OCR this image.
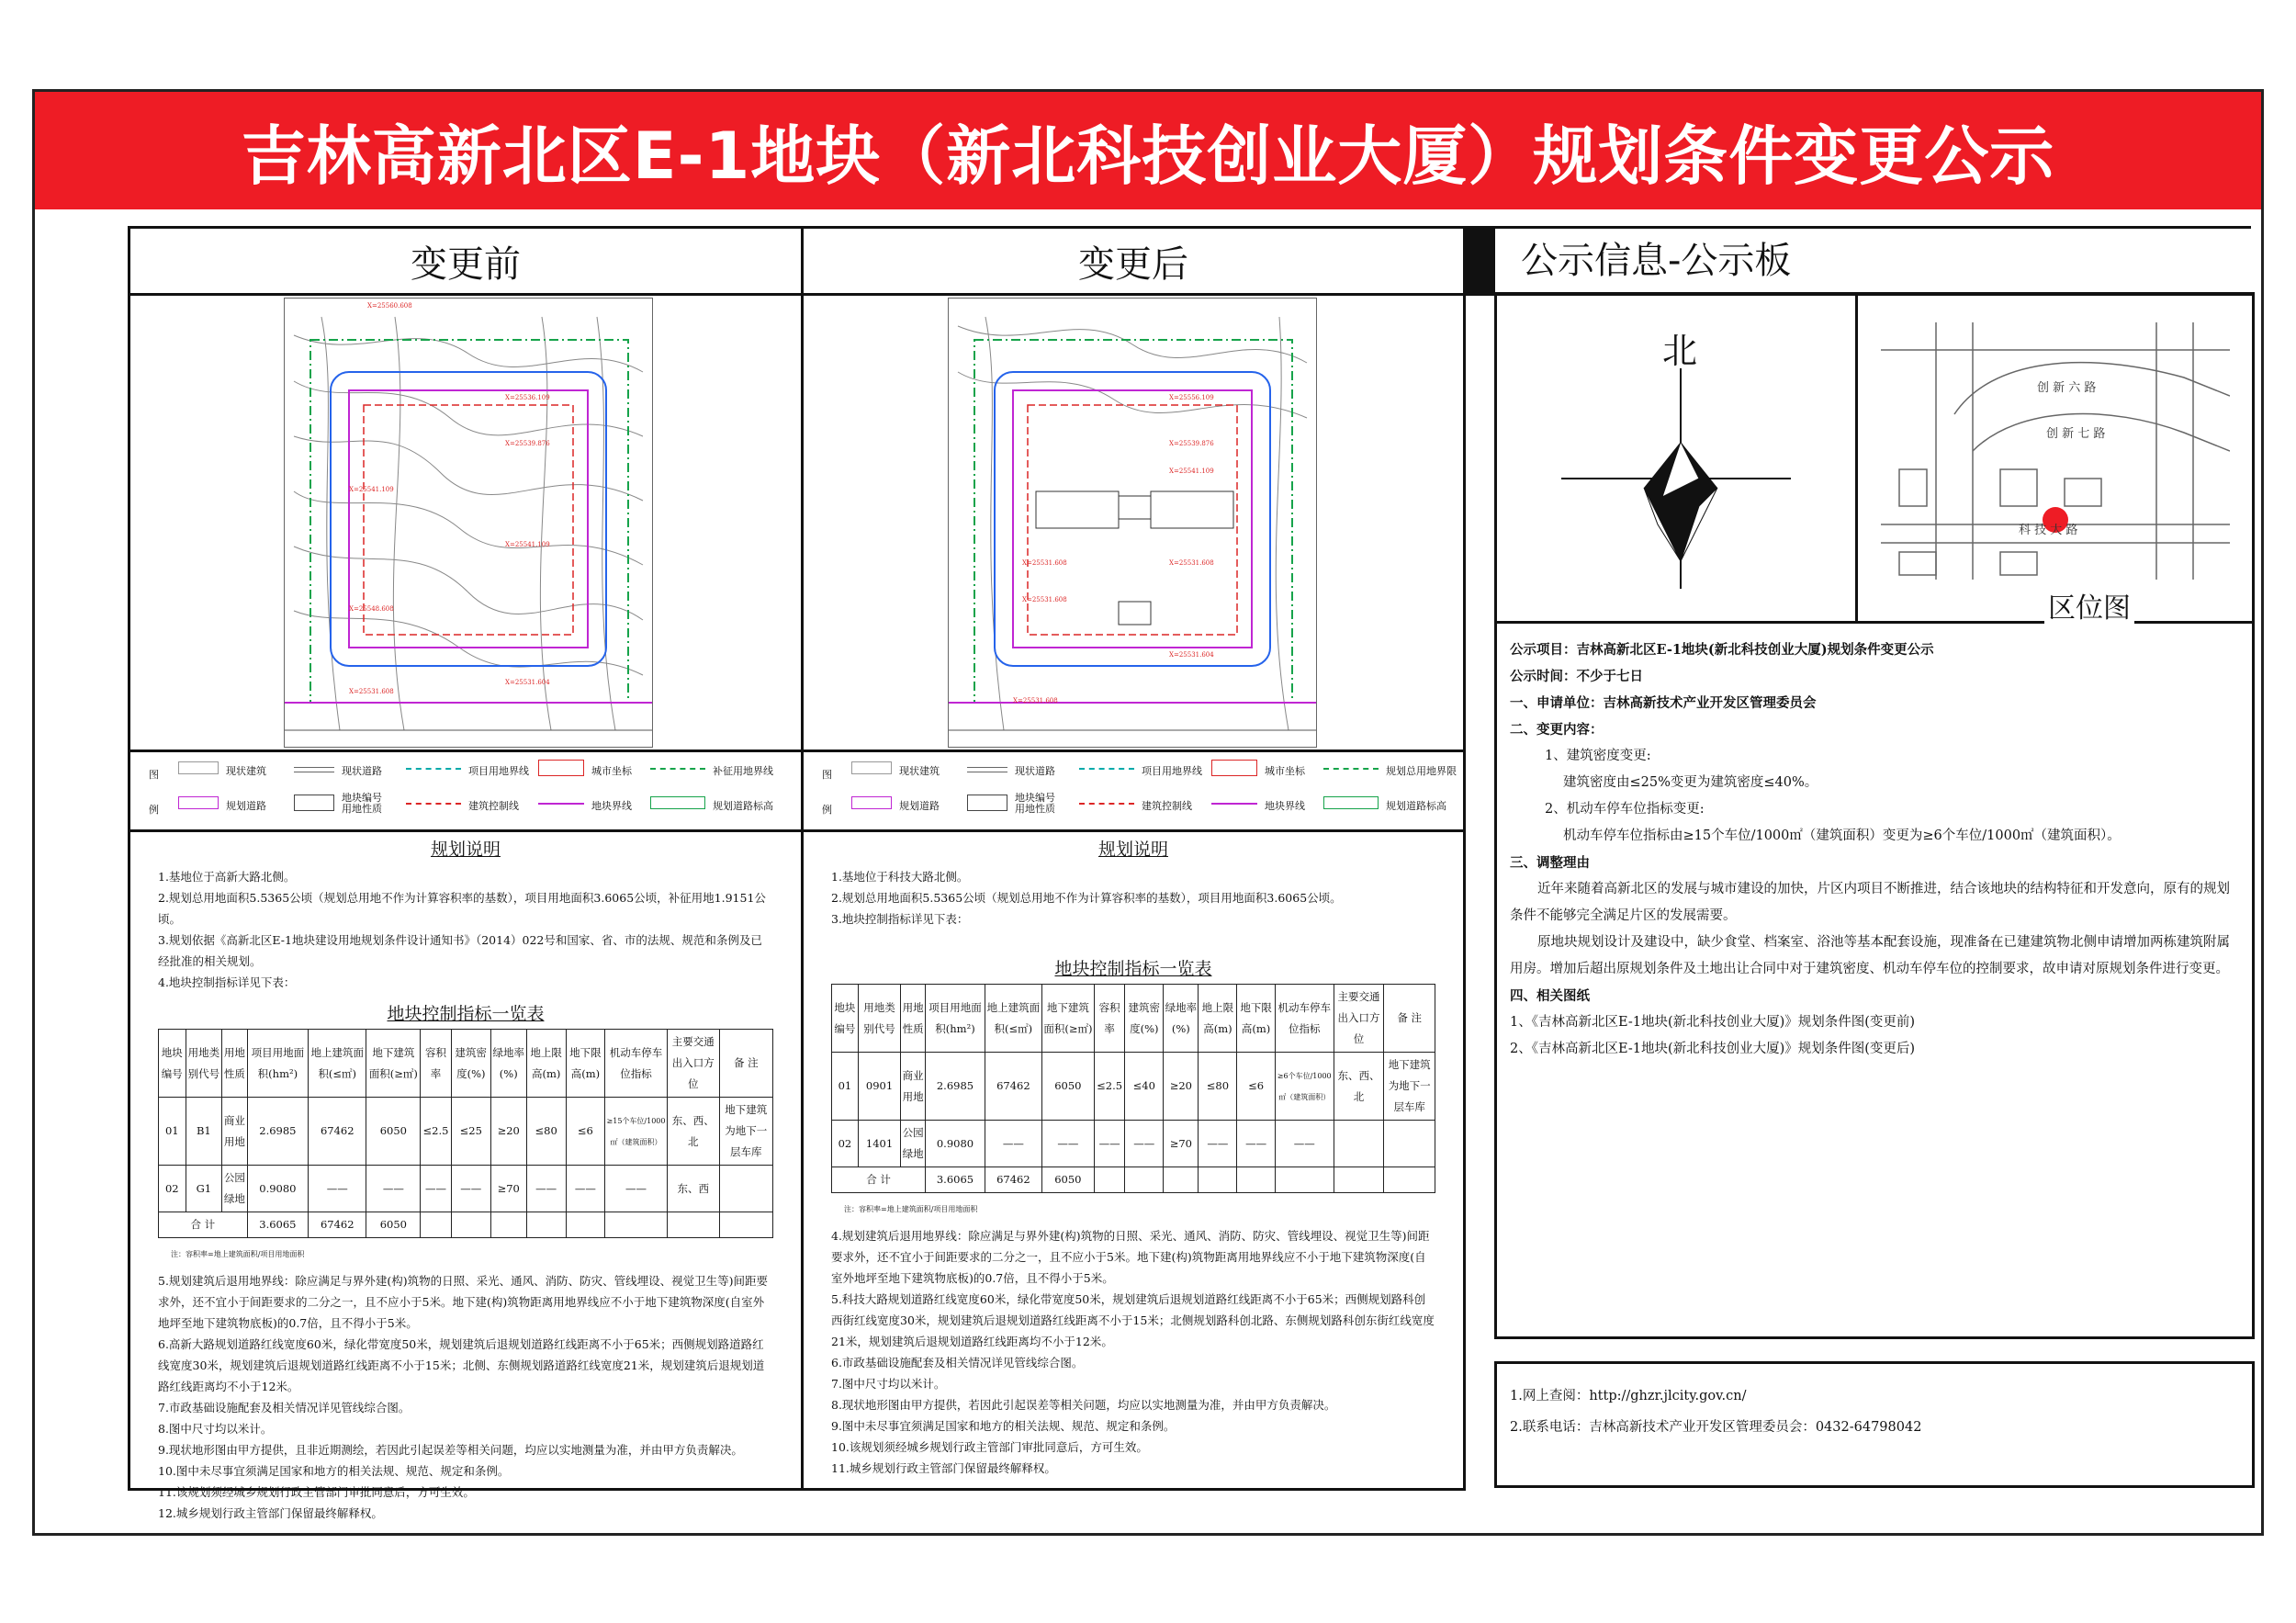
吉林高新北区E-1地块（新北科技创业大厦）规划条件变更公示
变更前
X=25560.608
X=25536.109
X=25539.876
X=25541.109
X=25541.109
X=25548.608
X=25531.604
X=25531.608
图
例
现状建筑	现状道路	项目用地界线	城市坐标	补征用地界线
规划道路
地块编号
用地性质	建筑控制线	地块界线	规划道路标高
规划说明

1.基地位于高新大路北侧。

2.规划总用地面积5.5365公顷（规划总用地不作为计算容积率的基数），项目用地面积3.6065公顷，补征用地1.9151公顷。

3.规划依据《高新北区E-1地块建设用地规划条件设计通知书》（2014）022号和国家、省、市的法规、规范和条例及已经批准的相关规划。

4.地块控制指标详见下表：

地块控制指标一览表
地块编号	用地类别代号	用地性质	项目用地面积(hm²)	地上建筑面积(≤㎡)	地下建筑面积(≥㎡)	容积率	建筑密度(%)	绿地率(%)	地上限高(m)	地下限高(m)	机动车停车位指标	主要交通出入口方位	备 注
01	B1	商业用地	2.6985	67462	6050	≤2.5	≤25	≥20	≤80	≤6	≥15个车位/1000㎡（建筑面积）	东、西、北	地下建筑为地下一层车库
02	G1	公园绿地	0.9080	——	——	——	——	≥70	——	——	——	东、西	
合 计			3.6065	67462	6050								
注：容积率=地上建筑面积/项目用地面积

5.规划建筑后退用地界线：除应满足与界外建(构)筑物的日照、采光、通风、消防、防灾、管线埋设、视觉卫生等)间距要求外，还不宜小于间距要求的二分之一，且不应小于5米。地下建(构)筑物距离用地界线应不小于地下建筑物深度(自室外地坪至地下建筑物底板)的0.7倍，且不得小于5米。

6.高新大路规划道路红线宽度60米，绿化带宽度50米，规划建筑后退规划道路红线距离不小于65米；西侧规划路道路红线宽度30米，规划建筑后退规划道路红线距离不小于15米；北侧、东侧规划路道路红线宽度21米，规划建筑后退规划道路红线距离均不小于12米。

7.市政基础设施配套及相关情况详见管线综合图。

8.图中尺寸均以米计。

9.现状地形图由甲方提供，且非近期测绘，若因此引起误差等相关问题，均应以实地测量为准，并由甲方负责解决。

10.图中未尽事宜须满足国家和地方的相关法规、规范、规定和条例。

11.该规划须经城乡规划行政主管部门审批同意后，方可生效。

12.城乡规划行政主管部门保留最终解释权。

变更后
X=25556.109
X=25539.876
X=25541.109
X=25531.608	X=25531.608
X=25531.608
X=25531.604
X=25531.608
图
例
现状建筑	现状道路	项目用地界线	城市坐标	规划总用地界限
规划道路
地块编号
用地性质	建筑控制线	地块界线	规划道路标高
规划说明

1.基地位于科技大路北侧。

2.规划总用地面积5.5365公顷（规划总用地不作为计算容积率的基数），项目用地面积3.6065公顷。

3.地块控制指标详见下表：

地块控制指标一览表
地块编号	用地类别代号	用地性质	项目用地面积(hm²)	地上建筑面积(≤㎡)	地下建筑面积(≥㎡)	容积率	建筑密度(%)	绿地率(%)	地上限高(m)	地下限高(m)	机动车停车位指标	主要交通出入口方位	备 注
01	0901	商业用地	2.6985	67462	6050	≤2.5	≤40	≥20	≤80	≤6	≥6个车位/1000㎡（建筑面积）	东、西、北	地下建筑为地下一层车库
02	1401	公园绿地	0.9080	——	——	——	——	≥70	——	——	——		
合 计			3.6065	67462	6050								
注：容积率=地上建筑面积/项目用地面积

4.规划建筑后退用地界线：除应满足与界外建(构)筑物的日照、采光、通风、消防、防灾、管线埋设、视觉卫生等)间距要求外，还不宜小于间距要求的二分之一，且不应小于5米。地下建(构)筑物距离用地界线应不小于地下建筑物深度(自室外地坪至地下建筑物底板)的0.7倍，且不得小于5米。

5.科技大路规划道路红线宽度60米，绿化带宽度50米，规划建筑后退规划道路红线距离不小于65米；西侧规划路科创西街红线宽度30米，规划建筑后退规划道路红线距离不小于15米；北侧规划路科创北路、东侧规划路科创东街红线宽度21米，规划建筑后退规划道路红线距离均不小于12米。

6.市政基础设施配套及相关情况详见管线综合图。

7.图中尺寸均以米计。

8.现状地形图由甲方提供，若因此引起误差等相关问题，均应以实地测量为准，并由甲方负责解决。

9.图中未尽事宜须满足国家和地方的相关法规、规范、规定和条例。

10.该规划须经城乡规划行政主管部门审批同意后，方可生效。

11.城乡规划行政主管部门保留最终解释权。

公示信息-公示板
北
创 新 六 路
创 新 七 路
科 技 大 路
区位图

公示项目：吉林高新北区E-1地块(新北科技创业大厦)规划条件变更公示

公示时间：不少于七日

一、申请单位：吉林高新技术产业开发区管理委员会

二、变更内容：

1、建筑密度变更:

建筑密度由≤25%变更为建筑密度≤40%。

2、机动车停车位指标变更:

机动车停车位指标由≥15个车位/1000㎡（建筑面积）变更为≥6个车位/1000㎡（建筑面积）。

三、调整理由

近年来随着高新北区的发展与城市建设的加快，片区内项目不断推进，结合该地块的结构特征和开发意向，原有的规划条件不能够完全满足片区的发展需要。

原地块规划设计及建设中，缺少食堂、档案室、浴池等基本配套设施，现准备在已建建筑物北侧申请增加两栋建筑附属用房。增加后超出原规划条件及土地出让合同中对于建筑密度、机动车停车位的控制要求，故申请对原规划条件进行变更。

四、相关图纸

1、《吉林高新北区E-1地块(新北科技创业大厦)》规划条件图(变更前)

2、《吉林高新北区E-1地块(新北科技创业大厦)》规划条件图(变更后)

1.网上查阅：http://ghzr.jlcity.gov.cn/

2.联系电话：吉林高新技术产业开发区管理委员会：0432-64798042
